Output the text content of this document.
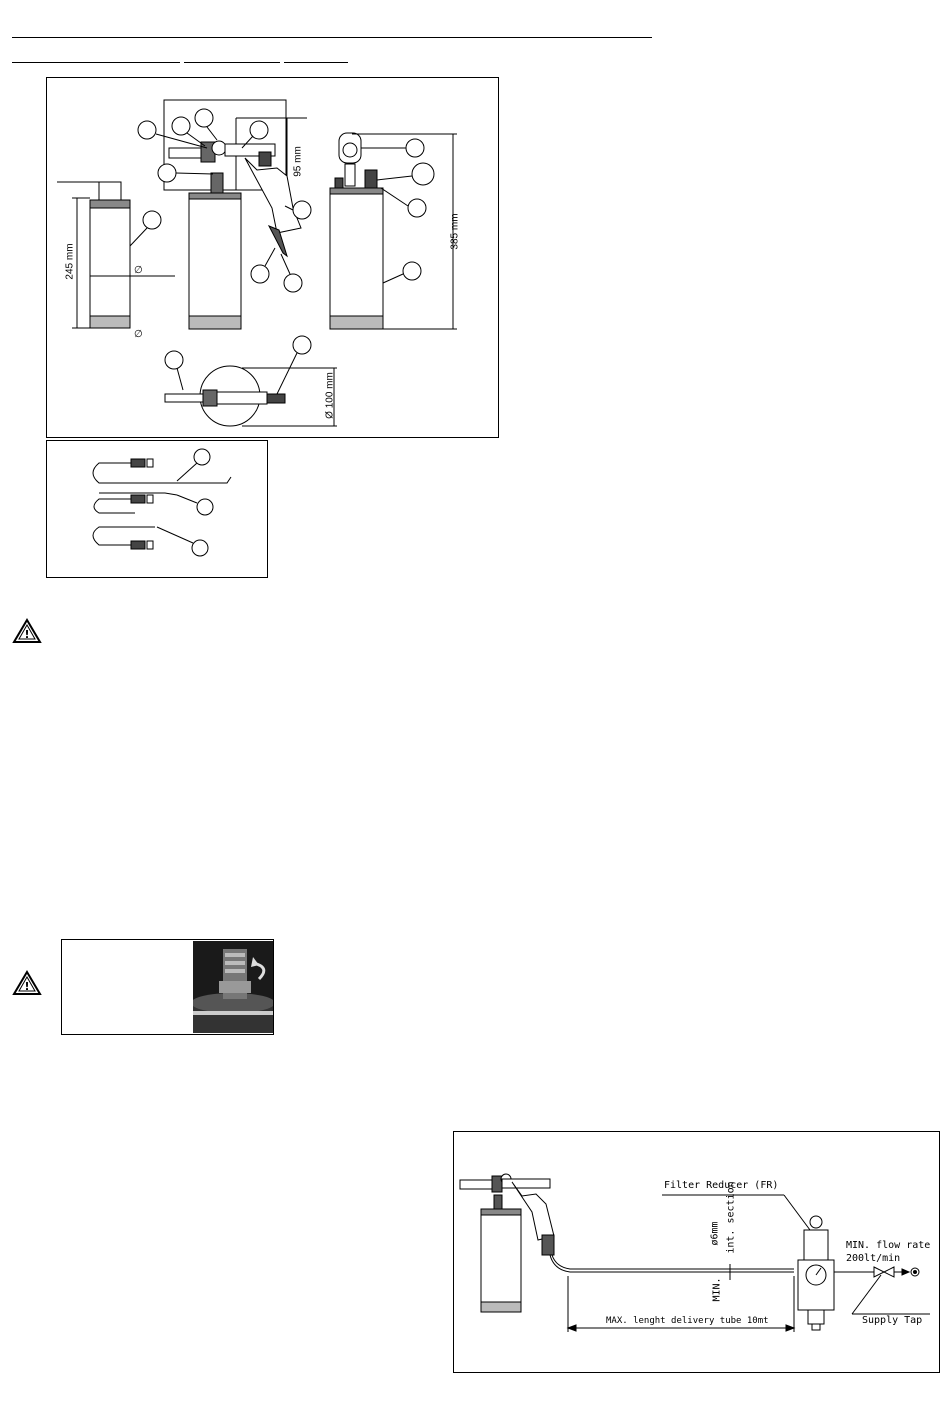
∅
∅
245 mm
95 mm
385 mm
Ø 100 mm
!
!
Filter Reducer (FR)
MIN. flow rate
200lt/min
ø6mm int. section
MIN.
MAX. lenght delivery tube 10mt	Supply Tap
